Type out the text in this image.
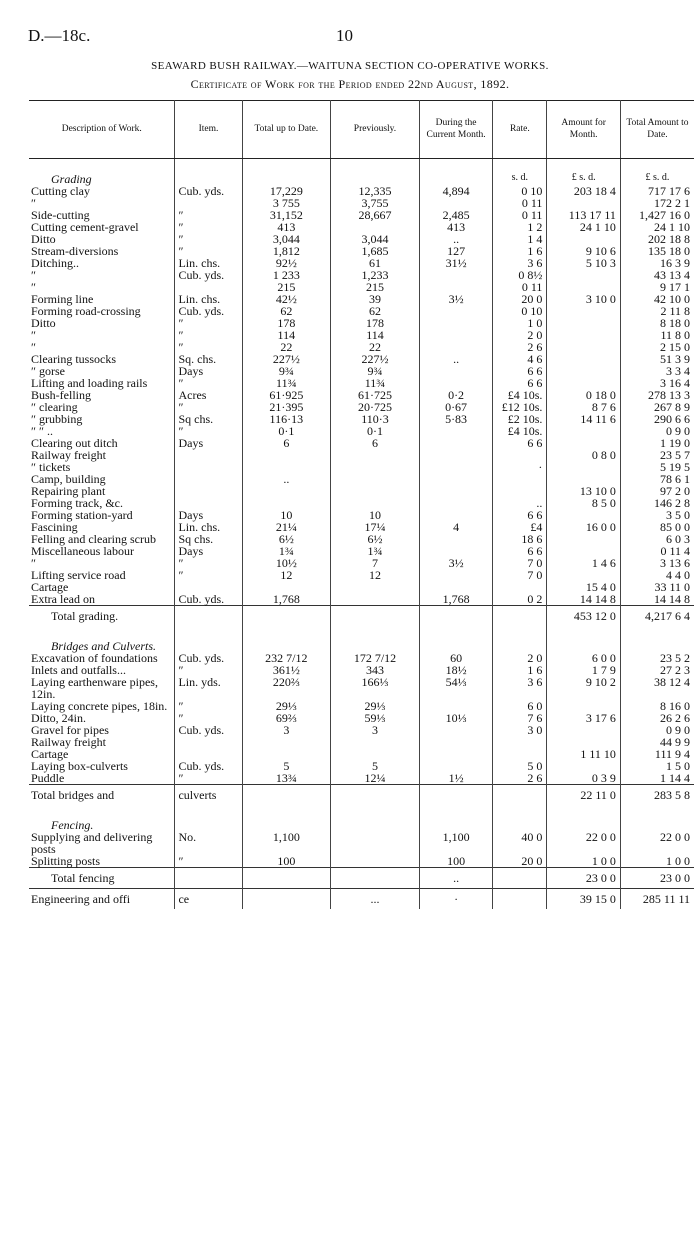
D.—18c.	10
SEAWARD BUSH RAILWAY.—WAITUNA SECTION CO-OPERATIVE WORKS.
Certificate of Work for the Period ended 22nd August, 1892.
Description of Work.	Item.	Total up to Date.	Previously.	During the Current Month.	Rate.	Amount for Month.	Total Amount to Date.

Grading					s. d.	£ s. d.	£ s. d.
Cutting clay	Cub. yds.	17,229	12,335	4,894	0 10	203 18 4	717 17 6
″		3 755	3,755		0 11		172 2 1
Side-cutting	″	31,152	28,667	2,485	0 11	113 17 11	1,427 16 0
Cutting cement-gravel	″	413		413	1 2	24 1 10	24 1 10
Ditto	″	3,044	3,044	..	1 4		202 18 8
Stream-diversions	″	1,812	1,685	127	1 6	9 10 6	135 18 0
Ditching..	Lin. chs.	92½	61	31½	3 6	5 10 3	16 3 9
″	Cub. yds.	1 233	1,233		0 8½		43 13 4
″		215	215		0 11		9 17 1
Forming line	Lin. chs.	42½	39	3½	20 0	3 10 0	42 10 0
Forming road-crossing	Cub. yds.	62	62		0 10		2 11 8
Ditto	″	178	178		1 0		8 18 0
″	″	114	114		2 0		11 8 0
″	″	22	22		2 6		2 15 0
Clearing tussocks	Sq. chs.	227½	227½	..	4 6		51 3 9
″ gorse	Days	9¾	9¾		6 6		3 3 4
Lifting and loading rails	″	11¾	11¾		6 6		3 16 4
Bush-felling	Acres	61·925	61·725	0·2	£4 10s.	0 18 0	278 13 3
″ clearing	″	21·395	20·725	0·67	£12 10s.	8 7 6	267 8 9
″ grubbing	Sq chs.	116·13	110·3	5·83	£2 10s.	14 11 6	290 6 6
″ ″ ..	″	0·1	0·1		£4 10s.		0 9 0
Clearing out ditch	Days	6	6		6 6		1 19 0
Railway freight						0 8 0	23 5 7
″ tickets					·		5 19 5
Camp, building		..					78 6 1
Repairing plant						13 10 0	97 2 0
Forming track, &c.					..	8 5 0	146 2 8
Forming station-yard	Days	10	10		6 6		3 5 0
Fascining	Lin. chs.	21¼	17¼	4	£4	16 0 0	85 0 0
Felling and clearing scrub	Sq chs.	6½	6½		18 6		6 0 3
Miscellaneous labour	Days	1¾	1¾		6 6		0 11 4
″	″	10½	7	3½	7 0	1 4 6	3 13 6
Lifting service road	″	12	12		7 0		4 4 0
Cartage						15 4 0	33 11 0
Extra lead on	Cub. yds.	1,768		1,768	0 2	14 14 8	14 14 8
Total grading.						453 12 0	4,217 6 4

Bridges and Culverts.							
Excavation of foundations	Cub. yds.	232 7/12	172 7/12	60	2 0	6 0 0	23 5 2
Inlets and outfalls...	″	361½	343	18½	1 6	1 7 9	27 2 3
Laying earthenware pipes, 12in.	Lin. yds.	220⅔	166⅓	54⅓	3 6	9 10 2	38 12 4
Laying concrete pipes, 18in.	″	29⅓	29⅓		6 0		8 16 0
Ditto, 24in.	″	69⅔	59⅓	10⅓	7 6	3 17 6	26 2 6
Gravel for pipes	Cub. yds.	3	3		3 0		0 9 0
Railway freight							44 9 9
Cartage						1 11 10	111 9 4
Laying box-culverts	Cub. yds.	5	5		5 0		1 5 0
Puddle	″	13¾	12¼	1½	2 6	0 3 9	1 14 4
Total bridges and	culverts					22 11 0	283 5 8

Fencing.							
Supplying and delivering posts	No.	1,100		1,100	40 0	22 0 0	22 0 0
Splitting posts	″	100		100	20 0	1 0 0	1 0 0
Total fencing				..		23 0 0	23 0 0
Engineering and offi	ce		...	·		39 15 0	285 11 11
